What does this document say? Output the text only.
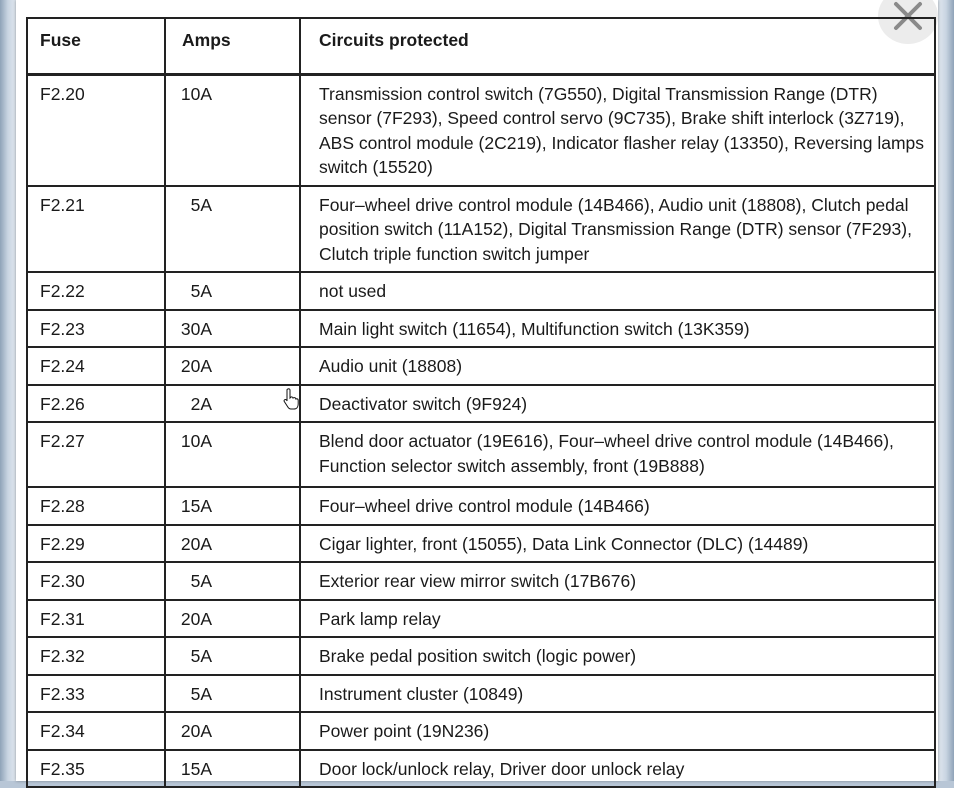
Fuse	Amps	Circuits protected
F2.20	10A	Transmission control switch (7G550), Digital Transmission Range (DTR) sensor (7F293), Speed control servo (9C735), Brake shift interlock (3Z719), ABS control module (2C219), Indicator flasher relay (13350), Reversing lamps switch (15520)
F2.21	5A	Four–wheel drive control module (14B466), Audio unit (18808), Clutch pedal position switch (11A152), Digital Transmission Range (DTR) sensor (7F293), Clutch triple function switch jumper
F2.22	5A	not used
F2.23	30A	Main light switch (11654), Multifunction switch (13K359)
F2.24	20A	Audio unit (18808)
F2.26	2A	Deactivator switch (9F924)
F2.27	10A	Blend door actuator (19E616), Four–wheel drive control module (14B466), Function selector switch assembly, front (19B888)
F2.28	15A	Four–wheel drive control module (14B466)
F2.29	20A	Cigar lighter, front (15055), Data Link Connector (DLC) (14489)
F2.30	5A	Exterior rear view mirror switch (17B676)
F2.31	20A	Park lamp relay
F2.32	5A	Brake pedal position switch (logic power)
F2.33	5A	Instrument cluster (10849)
F2.34	20A	Power point (19N236)
F2.35	15A	Door lock/unlock relay, Driver door unlock relay
